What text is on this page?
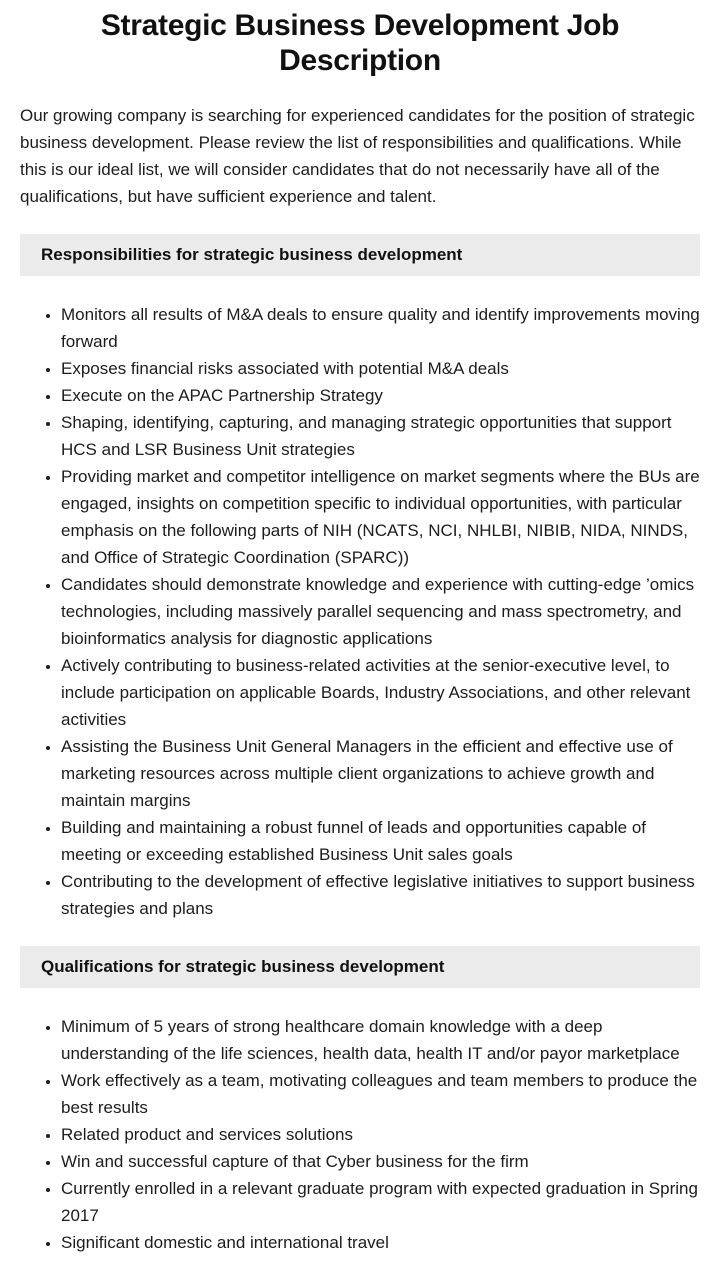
Strategic Business Development Job Description

Our growing company is searching for experienced candidates for the position of strategic business development. Please review the list of responsibilities and qualifications. While this is our ideal list, we will consider candidates that do not necessarily have all of the qualifications, but have sufficient experience and talent.

Responsibilities for strategic business development
• Monitors all results of M&A deals to ensure quality and identify improvements moving forward
• Exposes financial risks associated with potential M&A deals
• Execute on the APAC Partnership Strategy
• Shaping, identifying, capturing, and managing strategic opportunities that support HCS and LSR Business Unit strategies
• Providing market and competitor intelligence on market segments where the BUs are engaged, insights on competition specific to individual opportunities, with particular emphasis on the following parts of NIH (NCATS, NCI, NHLBI, NIBIB, NIDA, NINDS, and Office of Strategic Coordination (SPARC))
• Candidates should demonstrate knowledge and experience with cutting-edge ’omics technologies, including massively parallel sequencing and mass spectrometry, and bioinformatics analysis for diagnostic applications
• Actively contributing to business-related activities at the senior-executive level, to include participation on applicable Boards, Industry Associations, and other relevant activities
• Assisting the Business Unit General Managers in the efficient and effective use of marketing resources across multiple client organizations to achieve growth and maintain margins
• Building and maintaining a robust funnel of leads and opportunities capable of meeting or exceeding established Business Unit sales goals
• Contributing to the development of effective legislative initiatives to support business strategies and plans
Qualifications for strategic business development
• Minimum of 5 years of strong healthcare domain knowledge with a deep understanding of the life sciences, health data, health IT and/or payor marketplace
• Work effectively as a team, motivating colleagues and team members to produce the best results
• Related product and services solutions
• Win and successful capture of that Cyber business for the firm
• Currently enrolled in a relevant graduate program with expected graduation in Spring 2017
• Significant domestic and international travel
